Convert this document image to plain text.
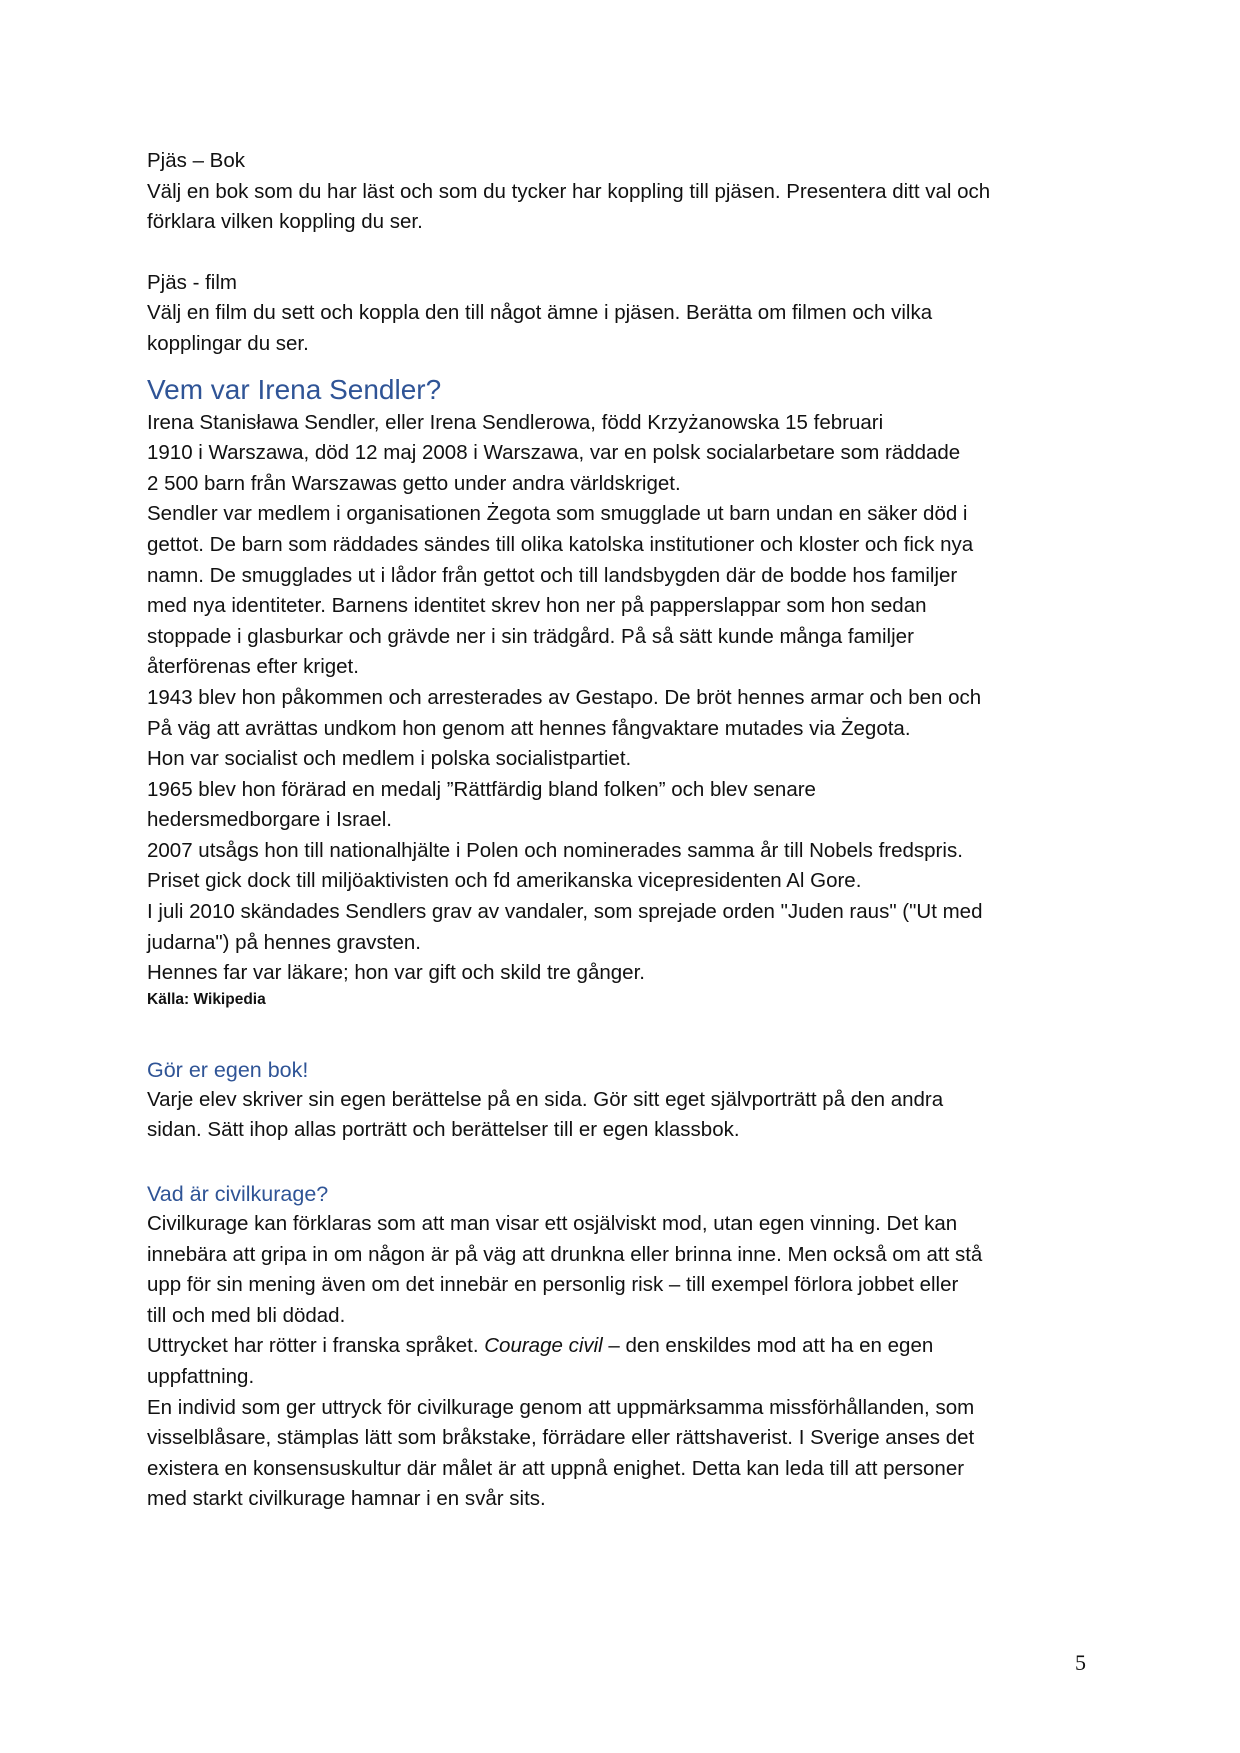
Pjäs – Bok

Välj en bok som du har läst och som du tycker har koppling till pjäsen. Presentera ditt val och

förklara vilken koppling du ser.

Pjäs - film

Välj en film du sett och koppla den till något ämne i pjäsen. Berätta om filmen och vilka

kopplingar du ser.

Vem var Irena Sendler?

Irena Stanisława Sendler, eller Irena Sendlerowa, född Krzyżanowska 15 februari

1910 i Warszawa, död 12 maj 2008 i Warszawa, var en polsk socialarbetare som räddade

2 500 barn från Warszawas getto under andra världskriget.

Sendler var medlem i organisationen Żegota som smugglade ut barn undan en säker död i

gettot. De barn som räddades sändes till olika katolska institutioner och kloster och fick nya

namn. De smugglades ut i lådor från gettot och till landsbygden där de bodde hos familjer

med nya identiteter. Barnens identitet skrev hon ner på papperslappar som hon sedan

stoppade i glasburkar och grävde ner i sin trädgård. På så sätt kunde många familjer

återförenas efter kriget.

1943 blev hon påkommen och arresterades av Gestapo. De bröt hennes armar och ben och

På väg att avrättas undkom hon genom att hennes fångvaktare mutades via Żegota.

Hon var socialist och medlem i polska socialistpartiet.

1965 blev hon förärad en medalj ”Rättfärdig bland folken” och blev senare

hedersmedborgare i Israel.

2007 utsågs hon till nationalhjälte i Polen och nominerades samma år till Nobels fredspris.

Priset gick dock till miljöaktivisten och fd amerikanska vicepresidenten Al Gore.

I juli 2010 skändades Sendlers grav av vandaler, som sprejade orden "Juden raus" ("Ut med

judarna") på hennes gravsten.

Hennes far var läkare; hon var gift och skild tre gånger.

Källa: Wikipedia

Gör er egen bok!

Varje elev skriver sin egen berättelse på en sida. Gör sitt eget självporträtt på den andra

sidan. Sätt ihop allas porträtt och berättelser till er egen klassbok.

Vad är civilkurage?

Civilkurage kan förklaras som att man visar ett osjälviskt mod, utan egen vinning. Det kan

innebära att gripa in om någon är på väg att drunkna eller brinna inne. Men också om att stå

upp för sin mening även om det innebär en personlig risk – till exempel förlora jobbet eller

till och med bli dödad.

Uttrycket har rötter i franska språket. Courage civil – den enskildes mod att ha en egen

uppfattning.

En individ som ger uttryck för civilkurage genom att uppmärksamma missförhållanden, som

visselblåsare, stämplas lätt som bråkstake, förrädare eller rättshaverist. I Sverige anses det

existera en konsensuskultur där målet är att uppnå enighet. Detta kan leda till att personer

med starkt civilkurage hamnar i en svår sits.

5
